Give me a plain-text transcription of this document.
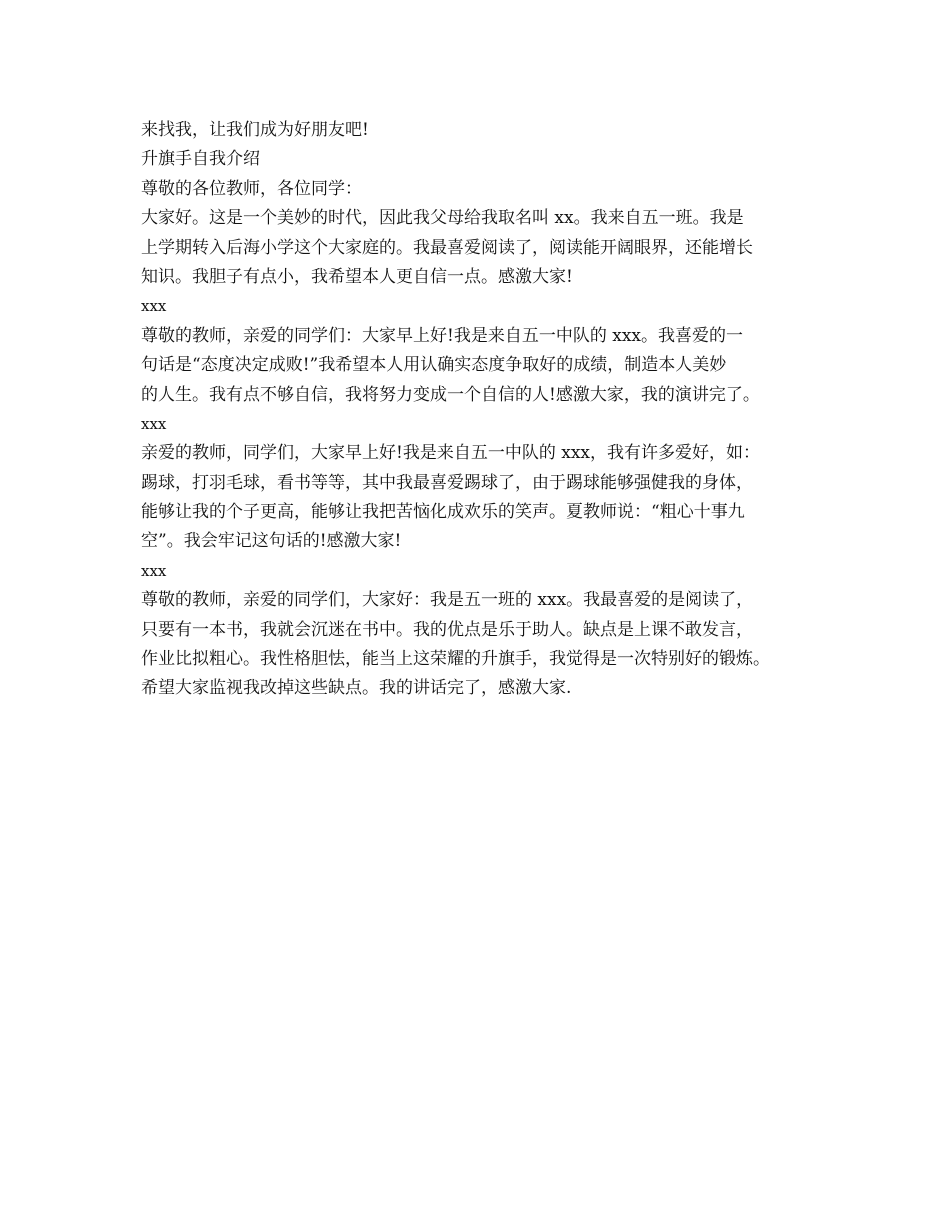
来找我，让我们成为好朋友吧!
升旗手自我介绍
尊敬的各位教师，各位同学：
大家好。这是一个美妙的时代，因此我父母给我取名叫 xx。我来自五一班。我是
上学期转入后海小学这个大家庭的。我最喜爱阅读了，阅读能开阔眼界，还能增长
知识。我胆子有点小，我希望本人更自信一点。感激大家!
xxx
尊敬的教师，亲爱的同学们：大家早上好!我是来自五一中队的 xxx。我喜爱的一
句话是“态度决定成败!”我希望本人用认确实态度争取好的成绩，制造本人美妙
的人生。我有点不够自信，我将努力变成一个自信的人!感激大家，我的演讲完了。
xxx
亲爱的教师，同学们，大家早上好!我是来自五一中队的 xxx，我有许多爱好，如：
踢球，打羽毛球，看书等等，其中我最喜爱踢球了，由于踢球能够强健我的身体，
能够让我的个子更高，能够让我把苦恼化成欢乐的笑声。夏教师说：“粗心十事九
空”。我会牢记这句话的!感激大家!
xxx
尊敬的教师，亲爱的同学们，大家好：我是五一班的 xxx。我最喜爱的是阅读了，
只要有一本书，我就会沉迷在书中。我的优点是乐于助人。缺点是上课不敢发言，
作业比拟粗心。我性格胆怯，能当上这荣耀的升旗手，我觉得是一次特别好的锻炼。
希望大家监视我改掉这些缺点。我的讲话完了，感激大家.
